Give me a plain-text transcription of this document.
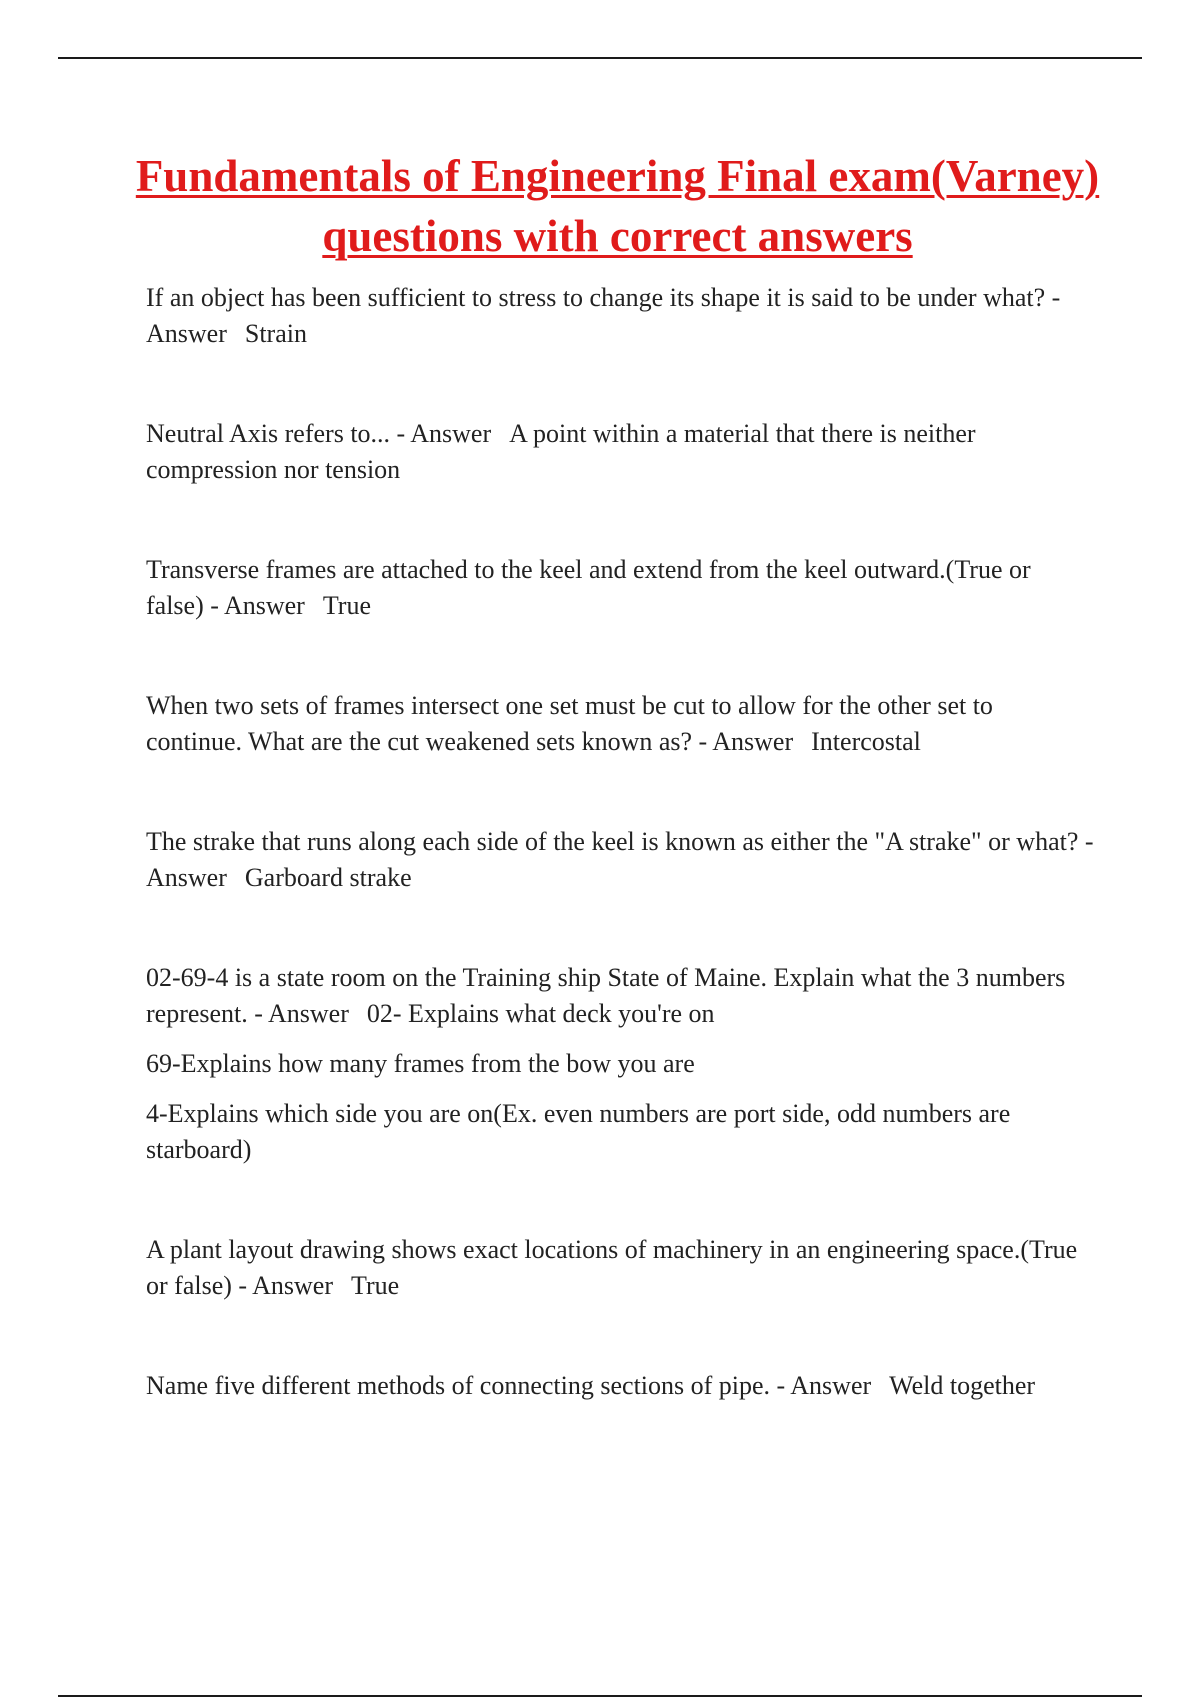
Fundamentals of Engineering Final exam(Varney) questions with correct answers

If an object has been sufficient to stress to change its shape it is said to be under what? - Answer Strain

Neutral Axis refers to... - Answer A point within a material that there is neither compression nor tension

Transverse frames are attached to the keel and extend from the keel outward.(True or false) - Answer True

When two sets of frames intersect one set must be cut to allow for the other set to continue. What are the cut weakened sets known as? - Answer Intercostal

The strake that runs along each side of the keel is known as either the "A strake" or what? - Answer Garboard strake

02-69-4 is a state room on the Training ship State of Maine. Explain what the 3 numbers represent. - Answer 02- Explains what deck you're on

69-Explains how many frames from the bow you are

4-Explains which side you are on(Ex. even numbers are port side, odd numbers are starboard)

A plant layout drawing shows exact locations of machinery in an engineering space.(True or false) - Answer True

Name five different methods of connecting sections of pipe. - Answer Weld together
